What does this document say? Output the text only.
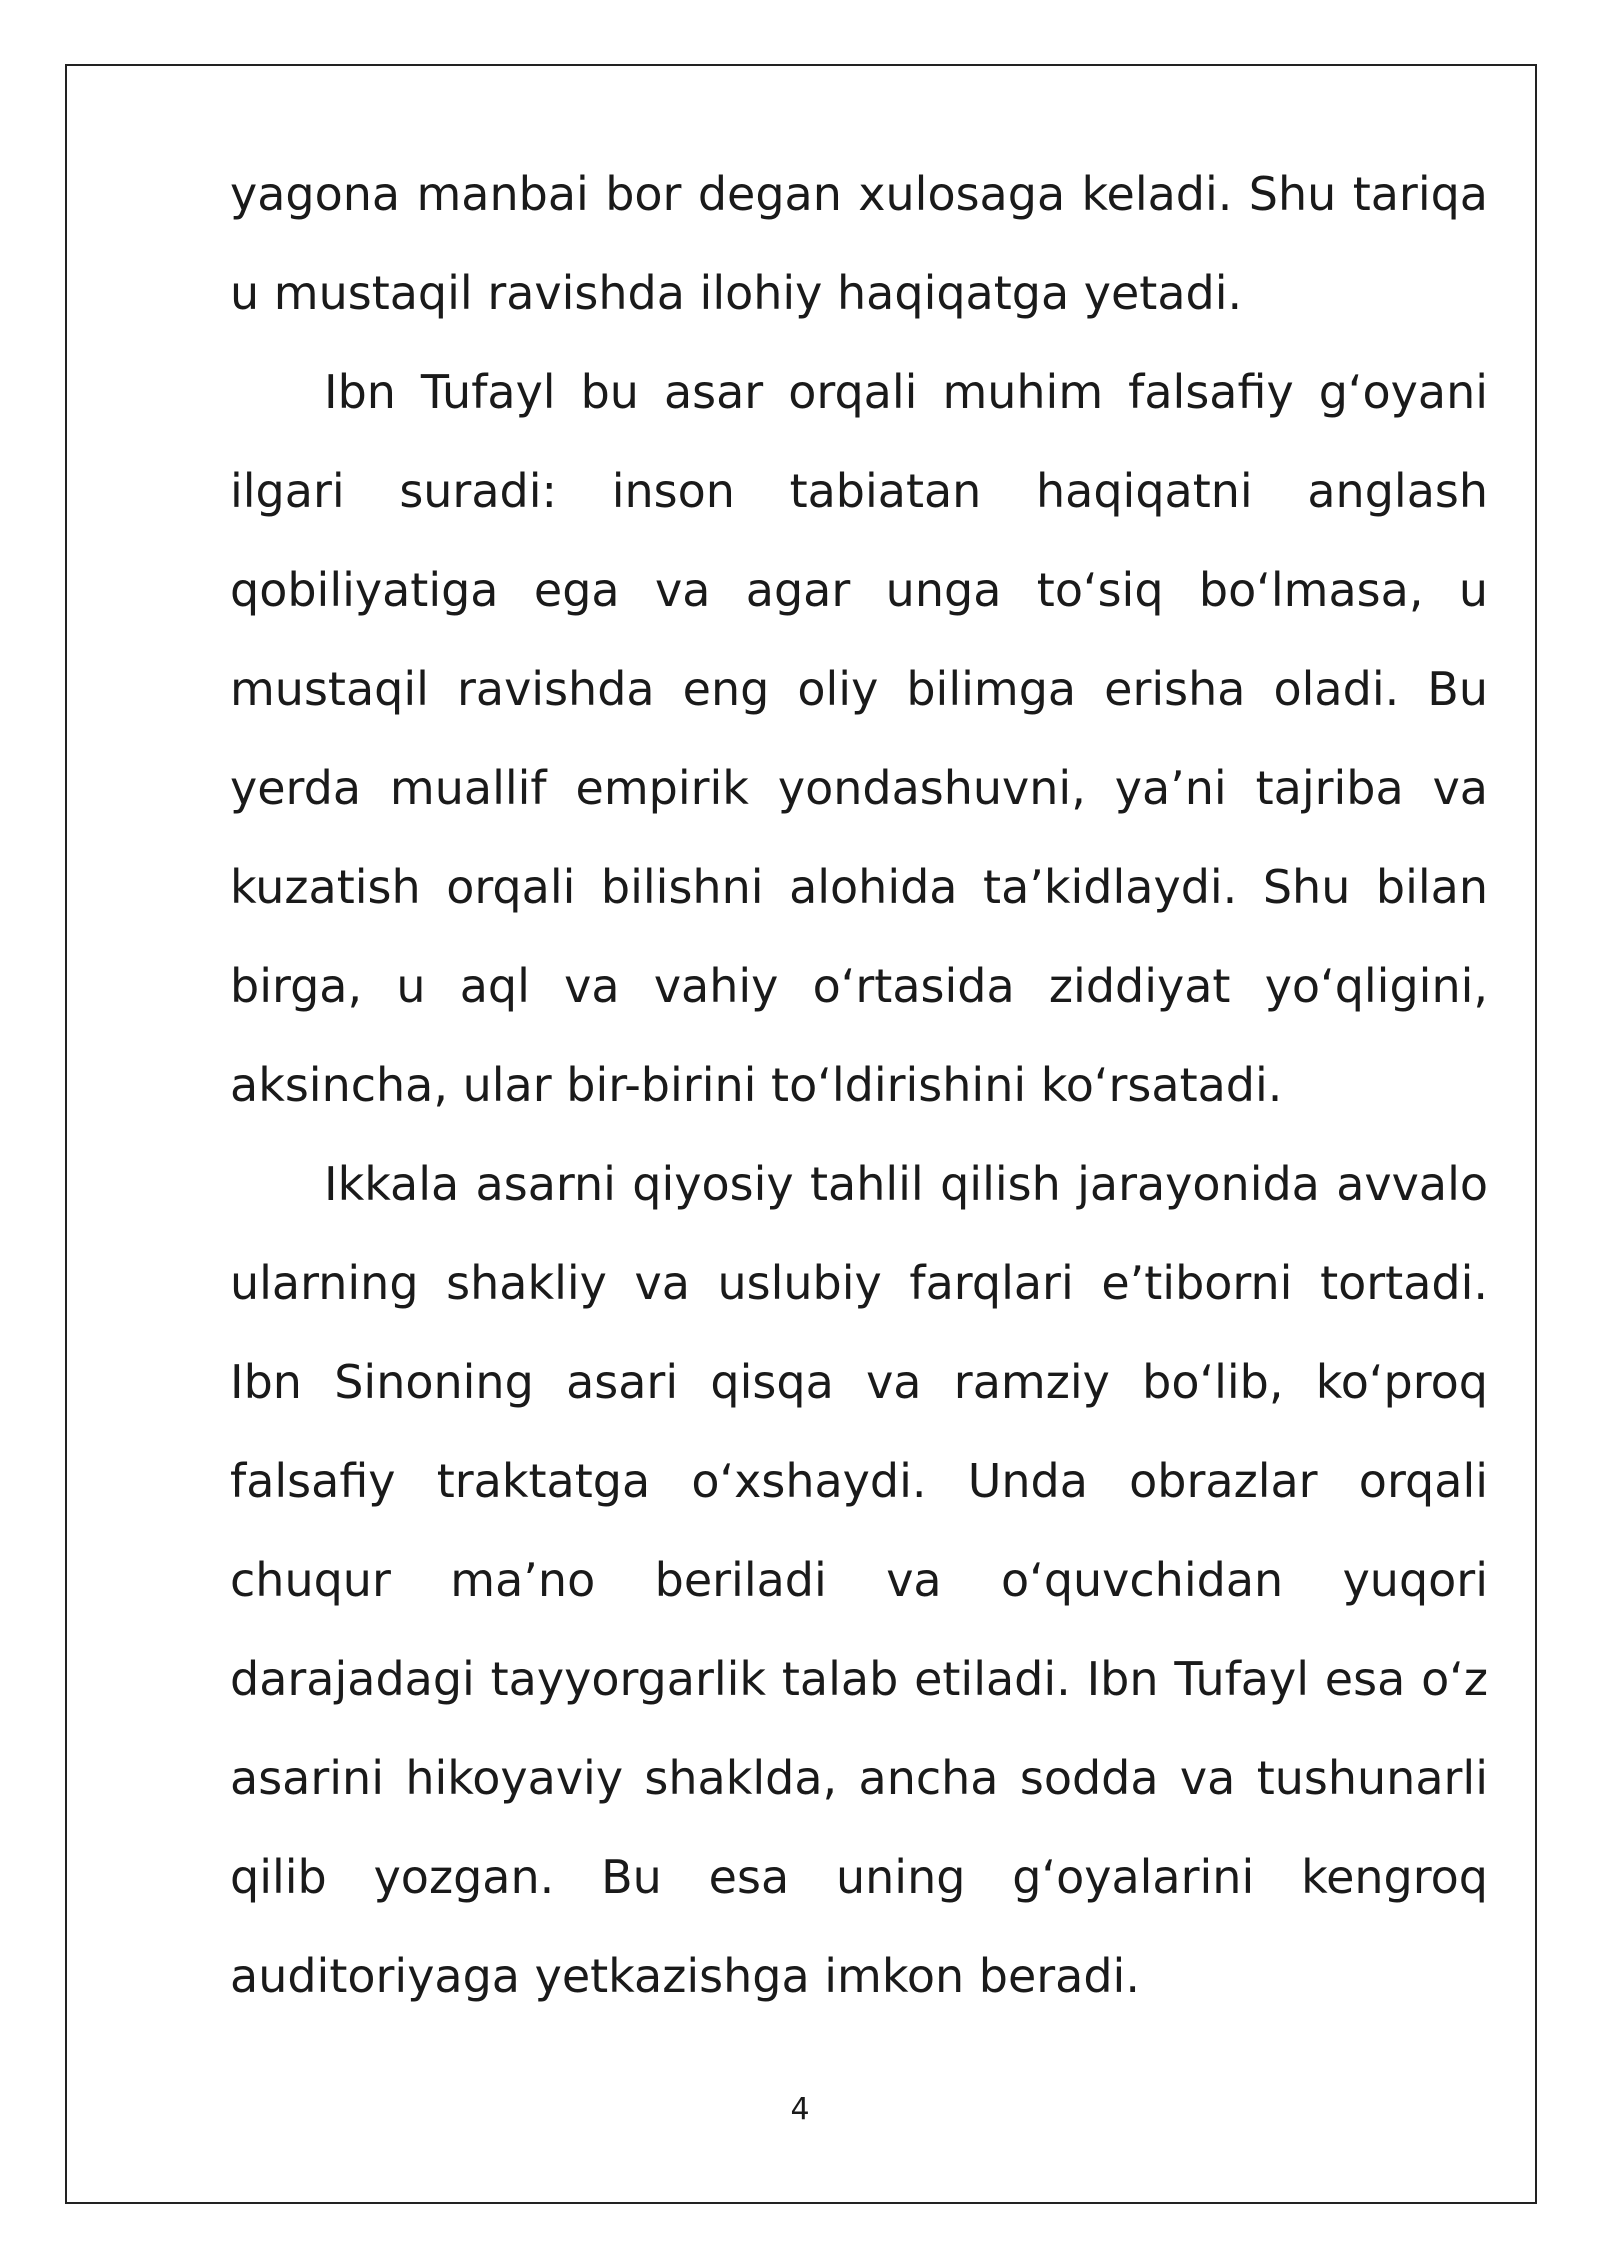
yagona manbai bor degan xulosaga keladi. Shu tariqa u mustaqil ravishda ilohiy haqiqatga yetadi.

Ibn Tufayl bu asar orqali muhim falsafiy g‘oyani ilgari suradi: inson tabiatan haqiqatni anglash qobiliyatiga ega va agar unga to‘siq bo‘lmasa, u mustaqil ravishda eng oliy bilimga erisha oladi. Bu yerda muallif empirik yondashuvni, ya’ni tajriba va kuzatish orqali bilishni alohida ta’kidlaydi. Shu bilan birga, u aql va vahiy o‘rtasida ziddiyat yo‘qligini, aksincha, ular bir-birini to‘ldirishini ko‘rsatadi.

Ikkala asarni qiyosiy tahlil qilish jarayonida avvalo ularning shakliy va uslubiy farqlari e’tiborni tortadi. Ibn Sinoning asari qisqa va ramziy bo‘lib, ko‘proq falsafiy traktatga o‘xshaydi. Unda obrazlar orqali chuqur ma’no beriladi va o‘quvchidan yuqori darajadagi tayyorgarlik talab etiladi. Ibn Tufayl esa o‘z asarini hikoyaviy shaklda, ancha sodda va tushunarli qilib yozgan. Bu esa uning g‘oyalarini kengroq auditoriyaga yetkazishga imkon beradi.

4
